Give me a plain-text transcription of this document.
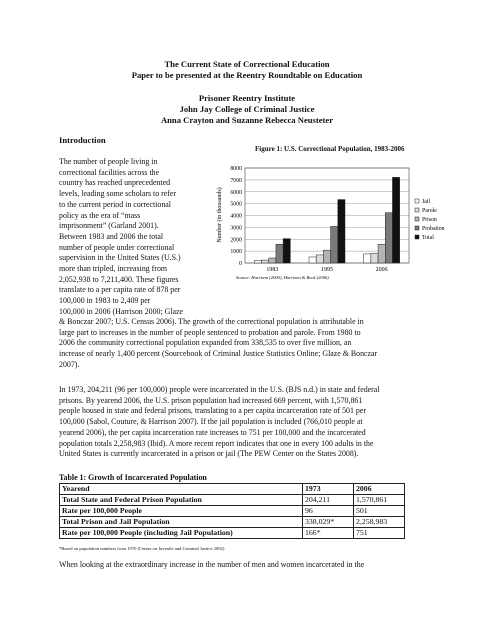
The Current State of Correctional Education
Paper to be presented at the Reentry Roundtable on Education
Prisoner Reentry Institute
John Jay College of Criminal Justice
Anna Crayton and Suzanne Rebecca Neusteter
Introduction
The number of people living in
correctional facilities across the
country has reached unprecedented
levels, leading some scholars to refer
to the current period in correctional
policy as the era of “mass
imprisonment” (Garland 2001).
Between 1983 and 2006 the total
number of people under correctional
supervision in the United States (U.S.)
more than tripled, increasing from
2,052,938 to 7,211,400. These figures
translate to a per capita rate of 878 per
100,000 in 1983 to 2,409 per
100,000 in 2006 (Harrison 2000; Glaze
& Bonczar 2007; U.S. Census 2006). The growth of the correctional population is attributable in
large part to increases in the number of people sentenced to probation and parole. From 1980 to
2006 the community correctional population expanded from 338,535 to over five million, an
increase of nearly 1,400 percent (Sourcebook of Criminal Justice Statistics Online; Glaze & Bonczar
2007).
In 1973, 204,211 (96 per 100,000) people were incarcerated in the U.S. (BJS n.d.) in state and federal
prisons. By yearend 2006, the U.S. prison population had increased 669 percent, with 1,570,861
people housed in state and federal prisons, translating to a per capita incarceration rate of 501 per
100,000 (Sabol, Couture, & Harrison 2007). If the jail population is included (766,010 people at
yearend 2006), the per capita incarceration rate increases to 751 per 100,000 and the incarcerated
population totals 2,258,983 (Ibid). A more recent report indicates that one in every 100 adults in the
United States is currently incarcerated in a prison or jail (The PEW Center on the States 2008).
Figure 1: U.S. Correctional Population, 1983-2006
Number (in thousands)
0
1000
2000
3000
4000
5000
6000
7000
8000
1983	1995	2006
Jail
Parole
Prison
Probation
Total
Source: Harrison (2000), Harrison & Beck (2006)
Table 1: Growth of Incarcerated Population
Yearend	1973	2006
Total State and Federal Prison Population	204,211	1,570,861
Rate per 100,000 People	96	501
Total Prison and Jail Population	338,029*	2,258,983
Rate per 100,000 People (including Jail Population)	166*	751
*Based on population numbers from 1970 (Center on Juvenile and Criminal Justice 2002)
When looking at the extraordinary increase in the number of men and women incarcerated in the
